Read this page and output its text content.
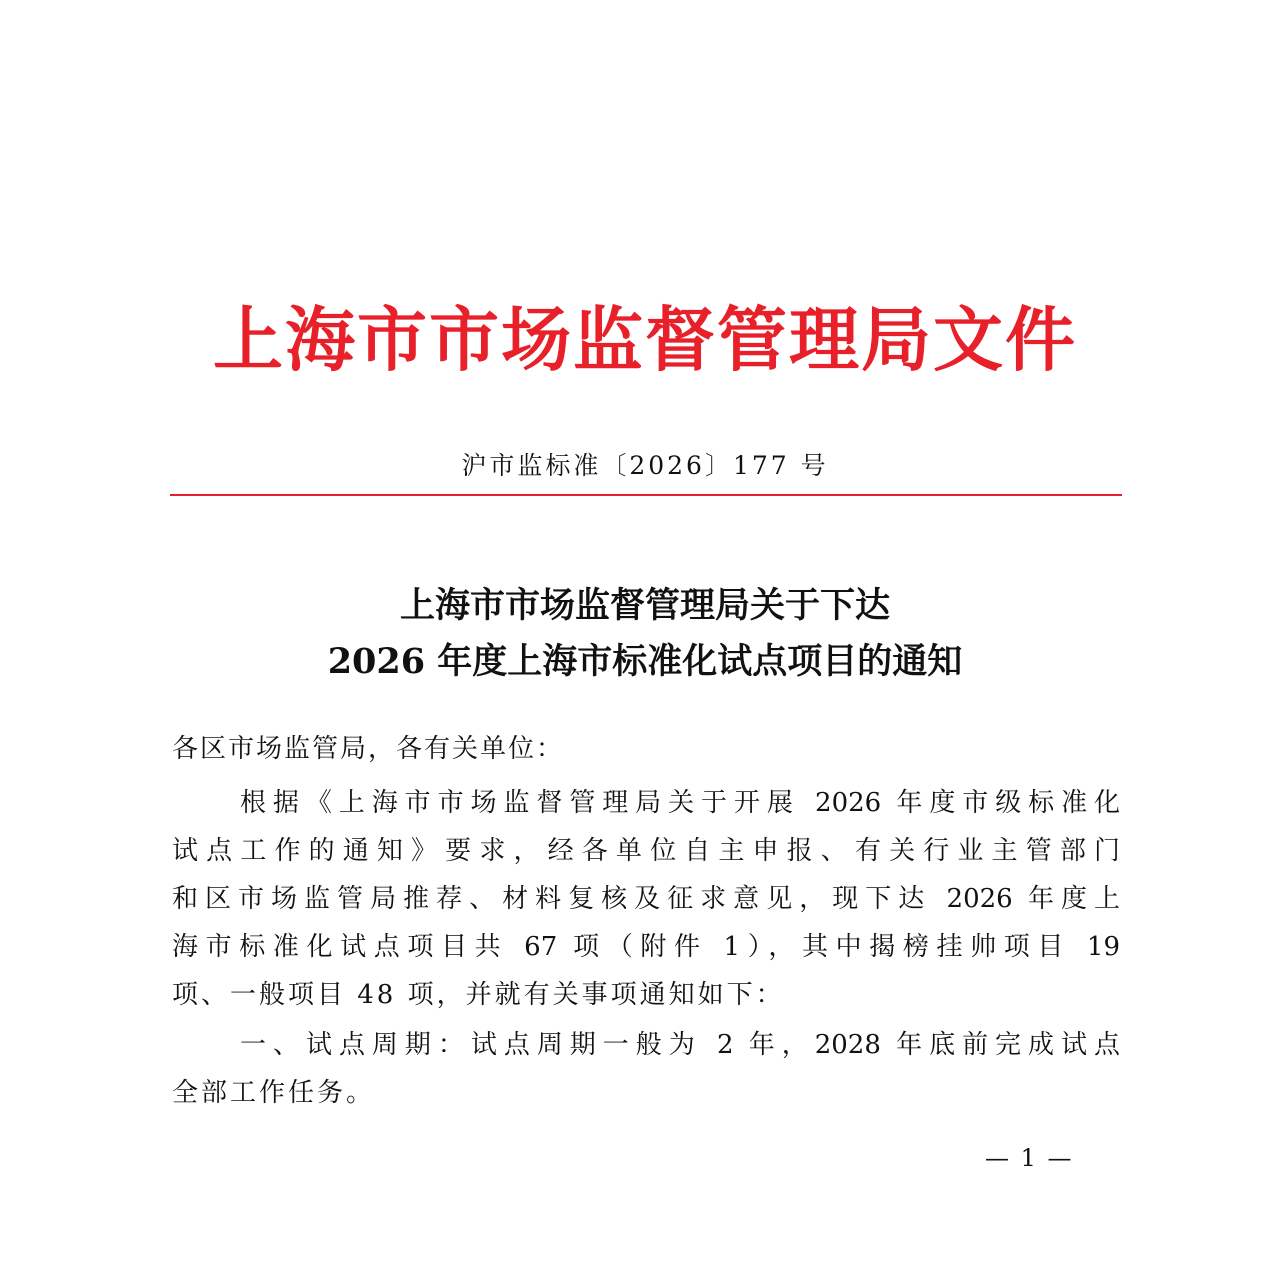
上海市市场监督管理局文件
沪市监标准〔2026〕177 号
上海市市场监督管理局关于下达
2026 年度上海市标准化试点项目的通知
各区市场监管局，各有关单位：
根据《上海市市场监督管理局关于开展 2026 年度市级标准化
试点工作的通知》要求，经各单位自主申报、有关行业主管部门
和区市场监管局推荐、材料复核及征求意见，现下达 2026 年度上
海市标准化试点项目共 67 项（附件 1），其中揭榜挂帅项目 19
项、一般项目 48 项，并就有关事项通知如下：
一、试点周期：试点周期一般为 2 年，2028 年底前完成试点
全部工作任务。
— 1 —
